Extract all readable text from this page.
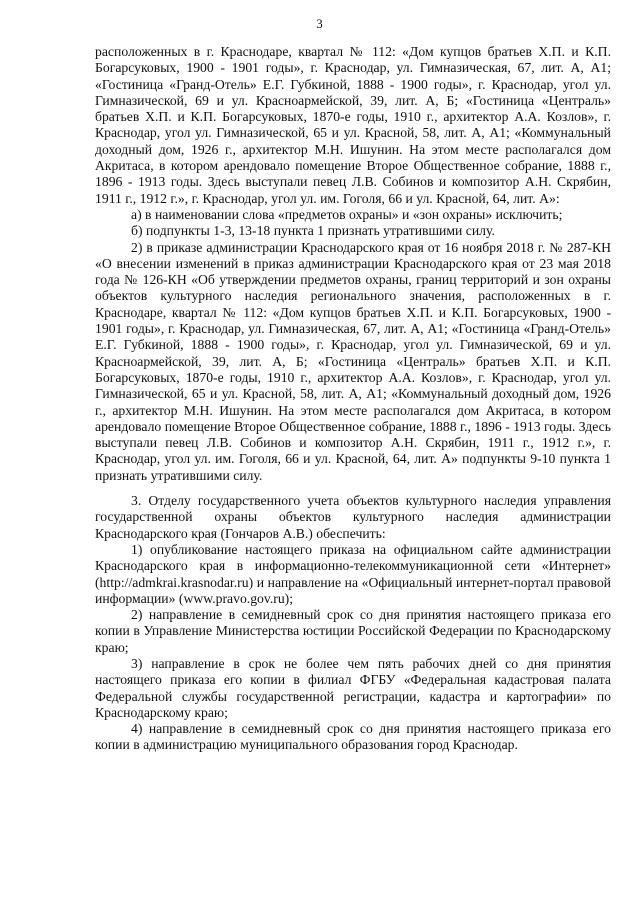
3

расположенных в г. Краснодаре, квартал № 112: «Дом купцов братьев Х.П. и К.П. Богарсуковых, 1900 - 1901 годы», г. Краснодар, ул. Гимназическая, 67, лит. А, А1; «Гостиница «Гранд-Отель» Е.Г. Губкиной, 1888 - 1900 годы», г. Краснодар, угол ул. Гимназической, 69 и ул. Красноармейской, 39, лит. А, Б; «Гостиница «Централь» братьев Х.П. и К.П. Богарсуковых, 1870-е годы, 1910 г., архитектор А.А. Козлов», г. Краснодар, угол ул. Гимназической, 65 и ул. Красной, 58, лит. А, А1; «Коммунальный доходный дом, 1926 г., архитектор М.Н. Ишунин. На этом месте располагался дом Акритаса, в котором арендовало помещение Второе Общественное собрание, 1888 г., 1896 - 1913 годы. Здесь выступали певец Л.В. Собинов и композитор А.Н. Скрябин, 1911 г., 1912 г.», г. Краснодар, угол ул. им. Гоголя, 66 и ул. Красной, 64, лит. А»:

а) в наименовании слова «предметов охраны» и «зон охраны» исключить;

б) подпункты 1-3, 13-18 пункта 1 признать утратившими силу.

2) в приказе администрации Краснодарского края от 16 ноября 2018 г. № 287-КН «О внесении изменений в приказ администрации Краснодарского края от 23 мая 2018 года № 126-КН «Об утверждении предметов охраны, границ территорий и зон охраны объектов культурного наследия регионального значения, расположенных в г. Краснодаре, квартал № 112: «Дом купцов братьев Х.П. и К.П. Богарсуковых, 1900 - 1901 годы», г. Краснодар, ул. Гимназическая, 67, лит. А, А1; «Гостиница «Гранд-Отель» Е.Г. Губкиной, 1888 - 1900 годы», г. Краснодар, угол ул. Гимназической, 69 и ул. Красноармейской, 39, лит. А, Б; «Гостиница «Централь» братьев Х.П. и К.П. Богарсуковых, 1870-е годы, 1910 г., архитектор А.А. Козлов», г. Краснодар, угол ул. Гимназической, 65 и ул. Красной, 58, лит. А, А1; «Коммунальный доходный дом, 1926 г., архитектор М.Н. Ишунин. На этом месте располагался дом Акритаса, в котором арендовало помещение Второе Общественное собрание, 1888 г., 1896 - 1913 годы. Здесь выступали певец Л.В. Собинов и композитор А.Н. Скрябин, 1911 г., 1912 г.», г. Краснодар, угол ул. им. Гоголя, 66 и ул. Красной, 64, лит. А» подпункты 9-10 пункта 1 признать утратившими силу.

3. Отделу государственного учета объектов культурного наследия управления государственной охраны объектов культурного наследия администрации Краснодарского края (Гончаров А.В.) обеспечить:

1) опубликование настоящего приказа на официальном сайте администрации Краснодарского края в информационно-телекоммуникационной сети «Интернет» (http://admkrai.krasnodar.ru) и направление на «Официальный интернет-портал правовой информации» (www.pravo.gov.ru);

2) направление в семидневный срок со дня принятия настоящего приказа его копии в Управление Министерства юстиции Российской Федерации по Краснодарскому краю;

3) направление в срок не более чем пять рабочих дней со дня принятия настоящего приказа его копии в филиал ФГБУ «Федеральная кадастровая палата Федеральной службы государственной регистрации, кадастра и картографии» по Краснодарскому краю;

4) направление в семидневный срок со дня принятия настоящего приказа его копии в администрацию муниципального образования город Краснодар.
